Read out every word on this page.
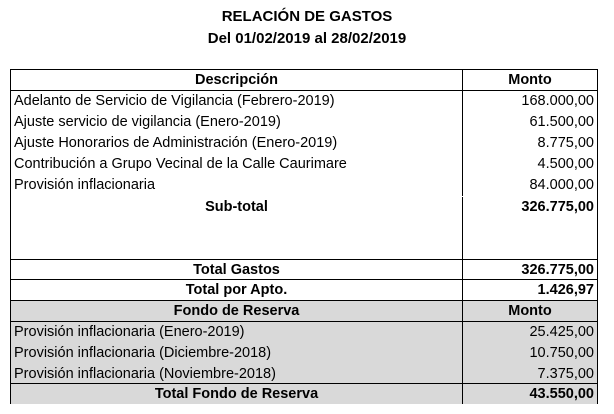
RELACIÓN DE GASTOS
Del 01/02/2019 al 28/02/2019
Descripción	Monto
Adelanto de Servicio de Vigilancia (Febrero-2019)	168.000,00
Ajuste servicio de vigilancia (Enero-2019)	61.500,00
Ajuste Honorarios de Administración (Enero-2019)	8.775,00
Contribución a Grupo Vecinal de la Calle Caurimare	4.500,00
Provisión inflacionaria	84.000,00
Sub-total	326.775,00
Total Gastos	326.775,00
Total por Apto.	1.426,97
Fondo de Reserva	Monto
Provisión inflacionaria (Enero-2019)	25.425,00
Provisión inflacionaria (Diciembre-2018)	10.750,00
Provisión inflacionaria (Noviembre-2018)	7.375,00
Total Fondo de Reserva	43.550,00
